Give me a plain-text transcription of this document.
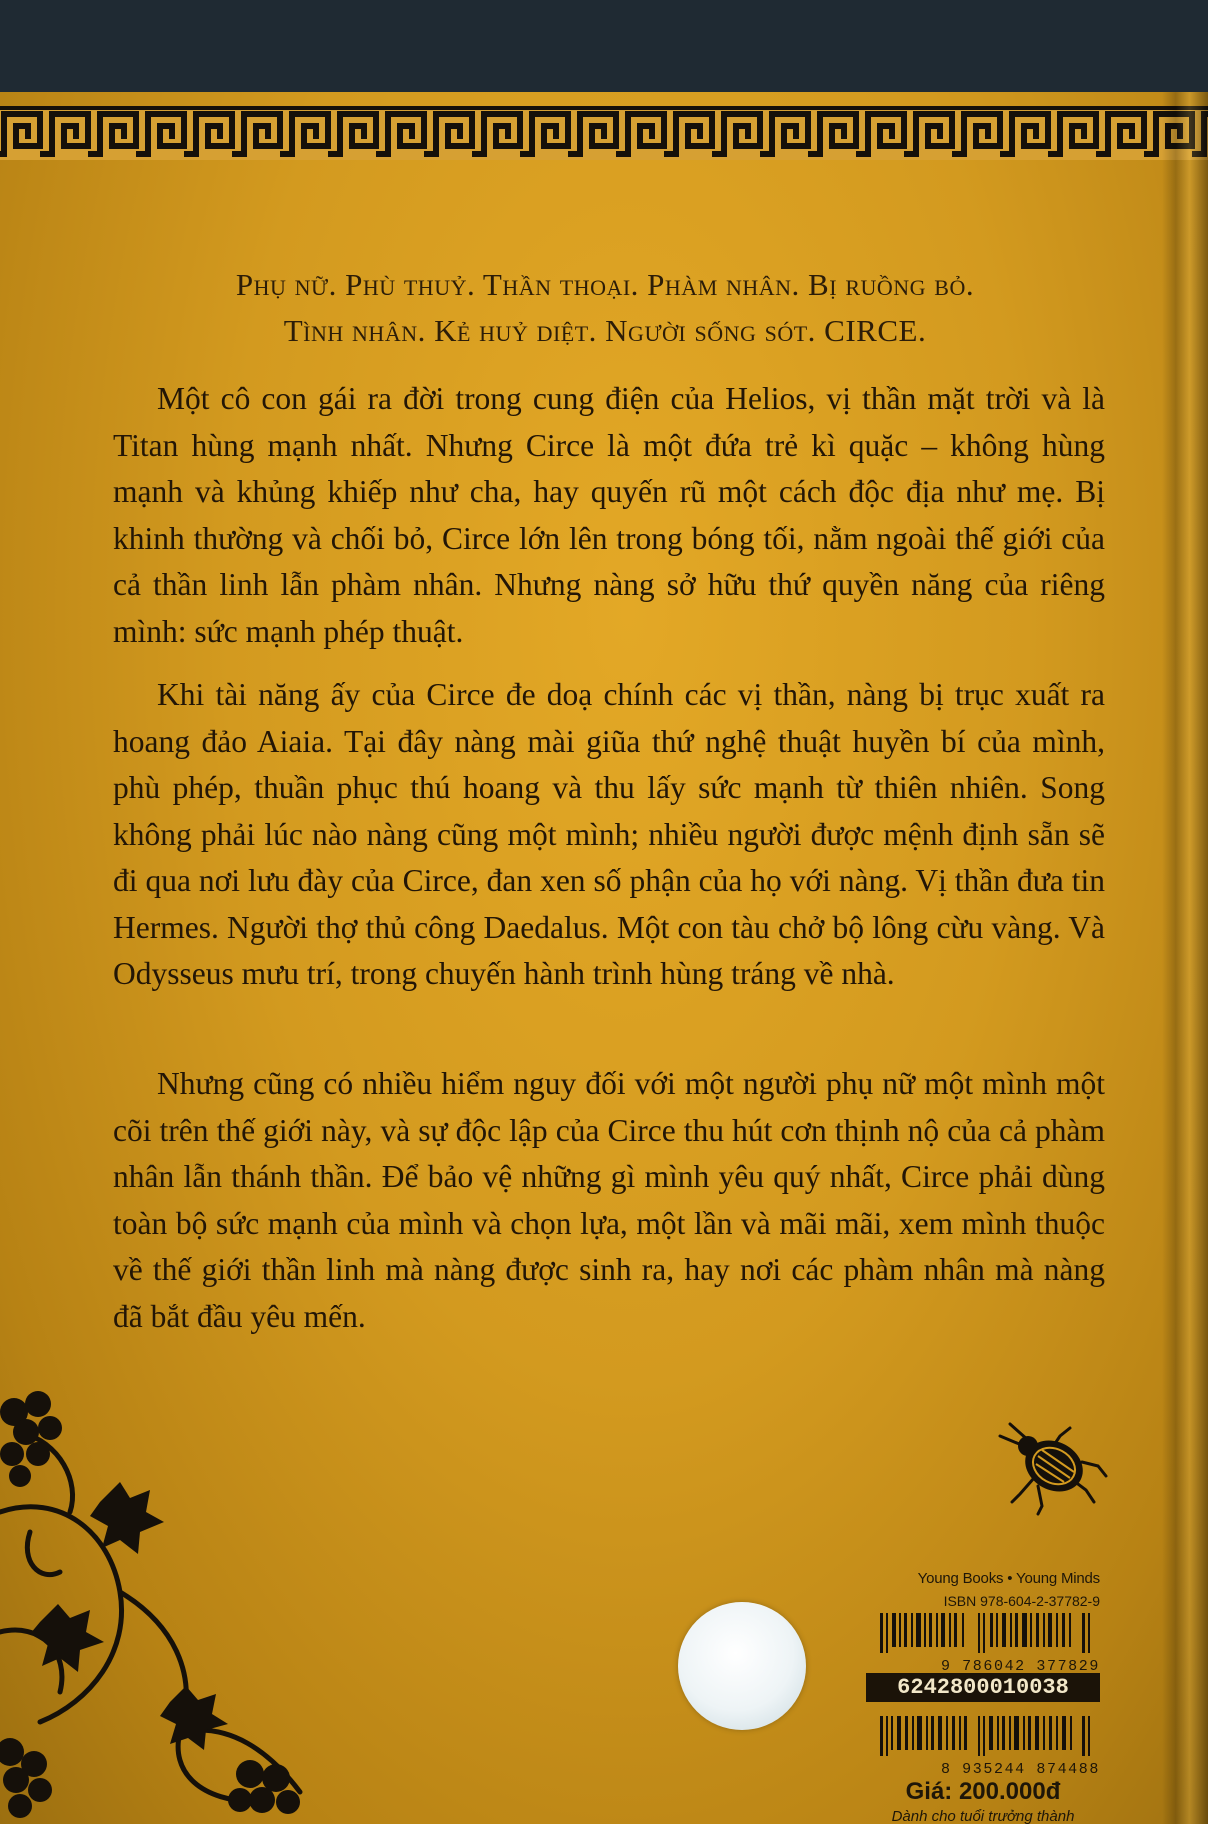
Phụ nữ. Phù thuỷ. Thần thoại. Phàm nhân. Bị ruồng bỏ.
Tình nhân. Kẻ huỷ diệt. Người sống sót. CIRCE.

Một cô con gái ra đời trong cung điện của Helios, vị thần mặt trời và là Titan hùng mạnh nhất. Nhưng Circe là một đứa trẻ kì quặc – không hùng mạnh và khủng khiếp như cha, hay quyến rũ một cách độc địa như mẹ. Bị khinh thường và chối bỏ, Circe lớn lên trong bóng tối, nằm ngoài thế giới của cả thần linh lẫn phàm nhân. Nhưng nàng sở hữu thứ quyền năng của riêng mình: sức mạnh phép thuật.

Khi tài năng ấy của Circe đe doạ chính các vị thần, nàng bị trục xuất ra hoang đảo Aiaia. Tại đây nàng mài giũa thứ nghệ thuật huyền bí của mình, phù phép, thuần phục thú hoang và thu lấy sức mạnh từ thiên nhiên. Song không phải lúc nào nàng cũng một mình; nhiều người được mệnh định sẵn sẽ đi qua nơi lưu đày của Circe, đan xen số phận của họ với nàng. Vị thần đưa tin Hermes. Người thợ thủ công Daedalus. Một con tàu chở bộ lông cừu vàng. Và Odysseus mưu trí, trong chuyến hành trình hùng tráng về nhà.

Nhưng cũng có nhiều hiểm nguy đối với một người phụ nữ một mình một cõi trên thế giới này, và sự độc lập của Circe thu hút cơn thịnh nộ của cả phàm nhân lẫn thánh thần. Để bảo vệ những gì mình yêu quý nhất, Circe phải dùng toàn bộ sức mạnh của mình và chọn lựa, một lần và mãi mãi, xem mình thuộc về thế giới thần linh mà nàng được sinh ra, hay nơi các phàm nhân mà nàng đã bắt đầu yêu mến.

Young Books • Young Minds
ISBN 978-604-2-37782-9
9 786042 377829
6242800010038
8 935244 874488
Giá: 200.000đ
Dành cho tuổi trưởng thành
